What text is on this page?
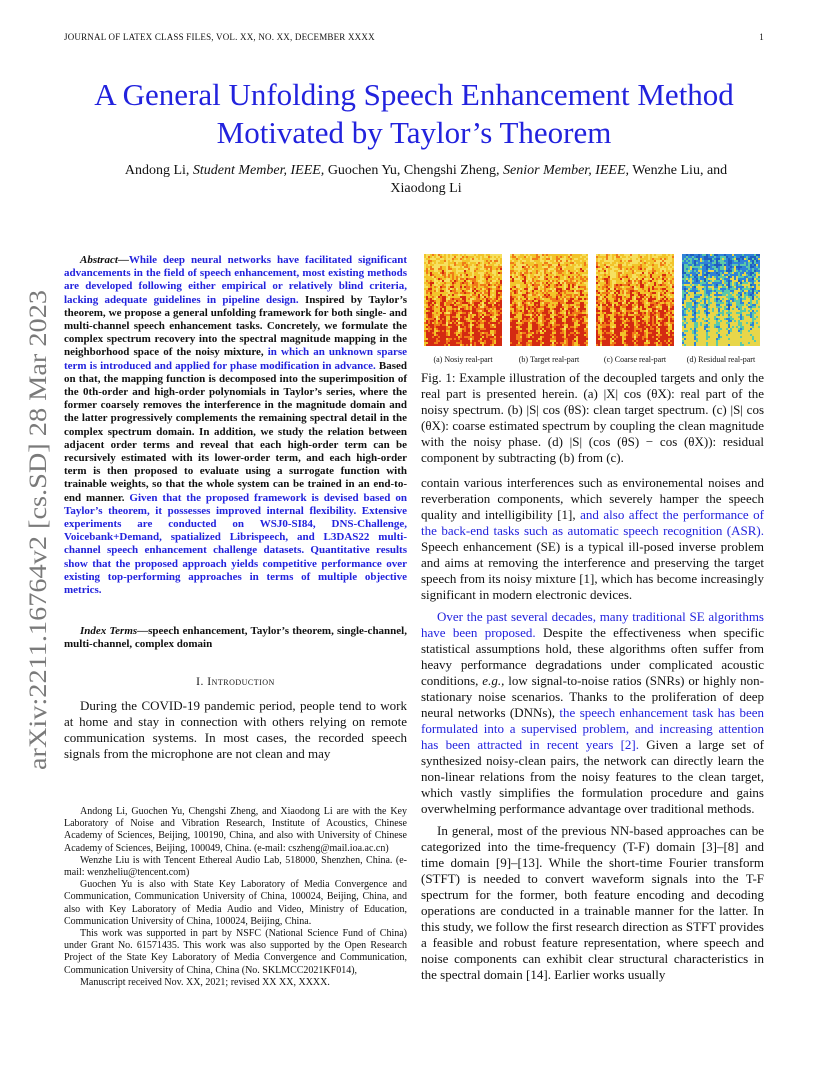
JOURNAL OF LATEX CLASS FILES, VOL. XX, NO. XX, DECEMBER XXXX	1
arXiv:2211.16764v2 [cs.SD] 28 Mar 2023
A General Unfolding Speech Enhancement Method
Motivated by Taylor’s Theorem
Andong Li, Student Member, IEEE, Guochen Yu, Chengshi Zheng, Senior Member, IEEE, Wenzhe Liu, and
Xiaodong Li
Abstract—While deep neural networks have facilitated significant advancements in the field of speech enhancement, most existing methods are developed following either empirical or relatively blind criteria, lacking adequate guidelines in pipeline design. Inspired by Taylor’s theorem, we propose a general unfolding framework for both single- and multi-channel speech enhancement tasks. Concretely, we formulate the complex spectrum recovery into the spectral magnitude mapping in the neighborhood space of the noisy mixture, in which an unknown sparse term is introduced and applied for phase modification in advance. Based on that, the mapping function is decomposed into the superimposition of the 0th-order and high-order polynomials in Taylor’s series, where the former coarsely removes the interference in the magnitude domain and the latter progressively complements the remaining spectral detail in the complex spectrum domain. In addition, we study the relation between adjacent order terms and reveal that each high-order term can be recursively estimated with its lower-order term, and each high-order term is then proposed to evaluate using a surrogate function with trainable weights, so that the whole system can be trained in an end-to-end manner. Given that the proposed framework is devised based on Taylor’s theorem, it possesses improved internal flexibility. Extensive experiments are conducted on WSJ0-SI84, DNS-Challenge, Voicebank+Demand, spatialized Librispeech, and L3DAS22 multi-channel speech enhancement challenge datasets. Quantitative results show that the proposed approach yields competitive performance over existing top-performing approaches in terms of multiple objective metrics.
Index Terms—speech enhancement, Taylor’s theorem, single-channel, multi-channel, complex domain
I. Introduction

During the COVID-19 pandemic period, people tend to work at home and stay in connection with others relying on remote communication systems. In most cases, the recorded speech signals from the microphone are not clean and may

Andong Li, Guochen Yu, Chengshi Zheng, and Xiaodong Li are with the Key Laboratory of Noise and Vibration Research, Institute of Acoustics, Chinese Academy of Sciences, Beijing, 100190, China, and also with University of Chinese Academy of Sciences, Beijing, 100049, China. (e-mail: cszheng@mail.ioa.ac.cn)

Wenzhe Liu is with Tencent Ethereal Audio Lab, 518000, Shenzhen, China. (e-mail: wenzheliu@tencent.com)

Guochen Yu is also with State Key Laboratory of Media Convergence and Communication, Communication University of China, 100024, Beijing, China, and also with Key Laboratory of Media Audio and Video, Ministry of Education, Communication University of China, 100024, Beijing, China.

This work was supported in part by NSFC (National Science Fund of China) under Grant No. 61571435. This work was also supported by the Open Research Project of the State Key Laboratory of Media Convergence and Communication, Communication University of China, China (No. SKLMCC2021KF014),

Manuscript received Nov. XX, 2021; revised XX XX, XXXX.

(a) Nosiy real-part	(b) Target real-part	(c) Coarse real-part	(d) Residual real-part
Fig. 1: Example illustration of the decoupled targets and only the real part is presented herein. (a) |X| cos (θX): real part of the noisy spectrum. (b) |S| cos (θS): clean target spectrum. (c) |S| cos (θX): coarse estimated spectrum by coupling the clean magnitude with the noisy phase. (d) |S| (cos (θS) − cos (θX)): residual component by subtracting (b) from (c).

contain various interferences such as environemental noises and reverberation components, which severely hamper the speech quality and intelligibility [1], and also affect the performance of the back-end tasks such as automatic speech recognition (ASR). Speech enhancement (SE) is a typical ill-posed inverse problem and aims at removing the interference and preserving the target speech from its noisy mixture [1], which has become increasingly significant in modern electronic devices.

Over the past several decades, many traditional SE algorithms have been proposed. Despite the effectiveness when specific statistical assumptions hold, these algorithms often suffer from heavy performance degradations under complicated acoustic conditions, e.g., low signal-to-noise ratios (SNRs) or highly non-stationary noise scenarios. Thanks to the proliferation of deep neural networks (DNNs), the speech enhancement task has been formulated into a supervised problem, and increasing attention has been attracted in recent years [2]. Given a large set of synthesized noisy-clean pairs, the network can directly learn the non-linear relations from the noisy features to the clean target, which vastly simplifies the formulation procedure and gains overwhelming performance advantage over traditional methods.

In general, most of the previous NN-based approaches can be categorized into the time-frequency (T-F) domain [3]–[8] and time domain [9]–[13]. While the short-time Fourier transform (STFT) is needed to convert waveform signals into the T-F spectrum for the former, both feature encoding and decoding operations are conducted in a trainable manner for the latter. In this study, we follow the first research direction as STFT provides a feasible and robust feature representation, where speech and noise components can exhibit clear structural characteristics in the spectral domain [14]. Earlier works usually
